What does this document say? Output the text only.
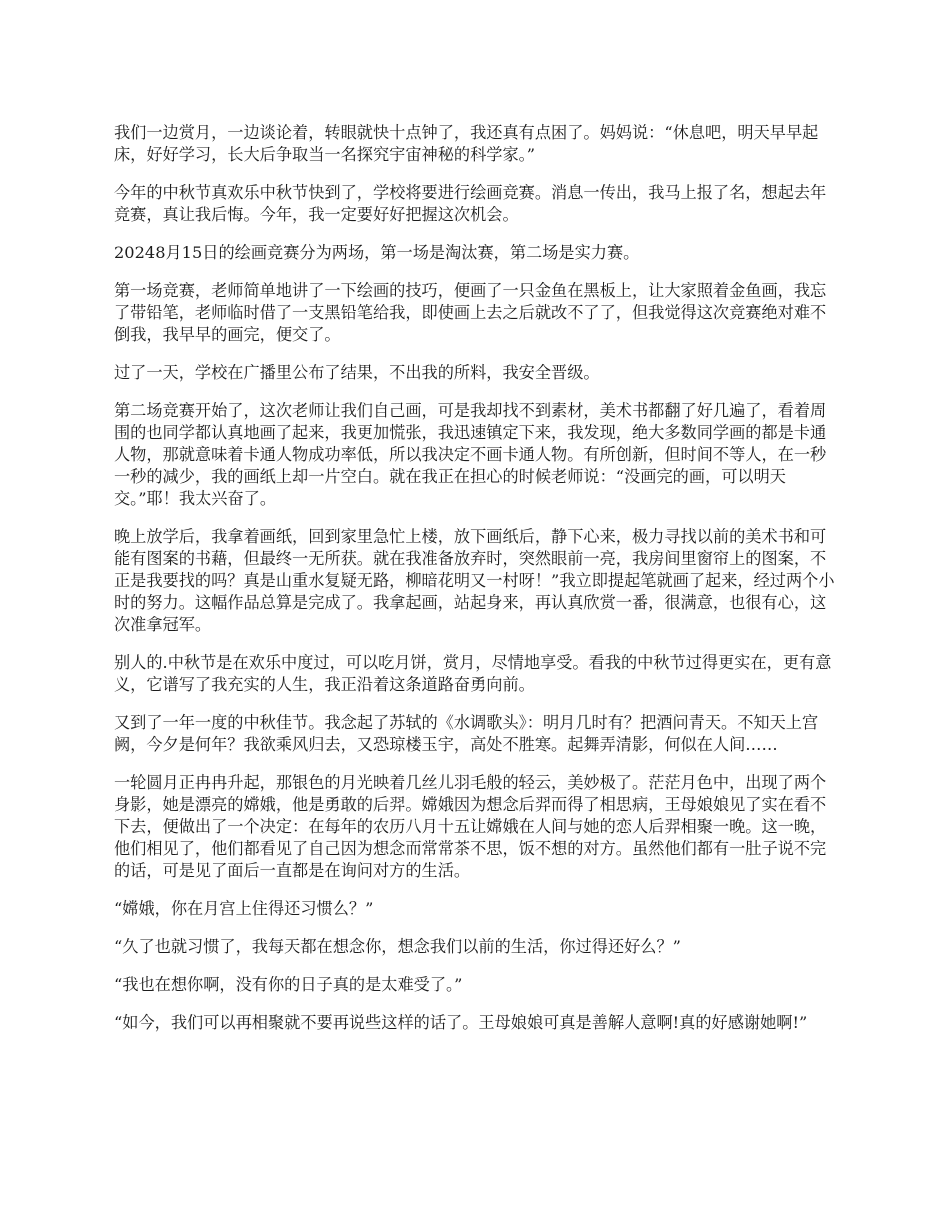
我们一边赏月，一边谈论着，转眼就快十点钟了，我还真有点困了。妈妈说：“休息吧，明天早早起床，好好学习，长大后争取当一名探究宇宙神秘的科学家。”

今年的中秋节真欢乐中秋节快到了，学校将要进行绘画竞赛。消息一传出，我马上报了名，想起去年竞赛，真让我后悔。今年，我一定要好好把握这次机会。

20248月15日的绘画竞赛分为两场，第一场是淘汰赛，第二场是实力赛。

第一场竞赛，老师简单地讲了一下绘画的技巧，便画了一只金鱼在黑板上，让大家照着金鱼画，我忘了带铅笔，老师临时借了一支黑铅笔给我，即使画上去之后就改不了了，但我觉得这次竞赛绝对难不倒我，我早早的画完，便交了。

过了一天，学校在广播里公布了结果，不出我的所料，我安全晋级。

第二场竞赛开始了，这次老师让我们自己画，可是我却找不到素材，美术书都翻了好几遍了，看着周围的也同学都认真地画了起来，我更加慌张，我迅速镇定下来，我发现，绝大多数同学画的都是卡通人物，那就意味着卡通人物成功率低，所以我决定不画卡通人物。有所创新，但时间不等人，在一秒一秒的减少，我的画纸上却一片空白。就在我正在担心的时候老师说：“没画完的画，可以明天交。”耶！我太兴奋了。

晚上放学后，我拿着画纸，回到家里急忙上楼，放下画纸后，静下心来，极力寻找以前的美术书和可能有图案的书藉，但最终一无所获。就在我准备放弃时，突然眼前一亮，我房间里窗帘上的图案，不正是我要找的吗？真是山重水复疑无路，柳暗花明又一村呀！”我立即提起笔就画了起来，经过两个小时的努力。这幅作品总算是完成了。我拿起画，站起身来，再认真欣赏一番，很满意，也很有心，这次准拿冠军。

别人的.中秋节是在欢乐中度过，可以吃月饼，赏月，尽情地享受。看我的中秋节过得更实在，更有意义，它谱写了我充实的人生，我正沿着这条道路奋勇向前。

又到了一年一度的中秋佳节。我念起了苏轼的《水调歌头》：明月几时有？把酒问青天。不知天上宫阙，今夕是何年？我欲乘风归去，又恐琼楼玉宇，高处不胜寒。起舞弄清影，何似在人间……

一轮圆月正冉冉升起，那银色的月光映着几丝儿羽毛般的轻云，美妙极了。茫茫月色中，出现了两个身影，她是漂亮的嫦娥，他是勇敢的后羿。嫦娥因为想念后羿而得了相思病，王母娘娘见了实在看不下去，便做出了一个决定：在每年的农历八月十五让嫦娥在人间与她的恋人后羿相聚一晚。这一晚，他们相见了，他们都看见了自己因为想念而常常茶不思，饭不想的对方。虽然他们都有一肚子说不完的话，可是见了面后一直都是在询问对方的生活。

“嫦娥，你在月宫上住得还习惯么？”

“久了也就习惯了，我每天都在想念你，想念我们以前的生活，你过得还好么？”

“我也在想你啊，没有你的日子真的是太难受了。”

“如今，我们可以再相聚就不要再说些这样的话了。王母娘娘可真是善解人意啊!真的好感谢她啊!”
